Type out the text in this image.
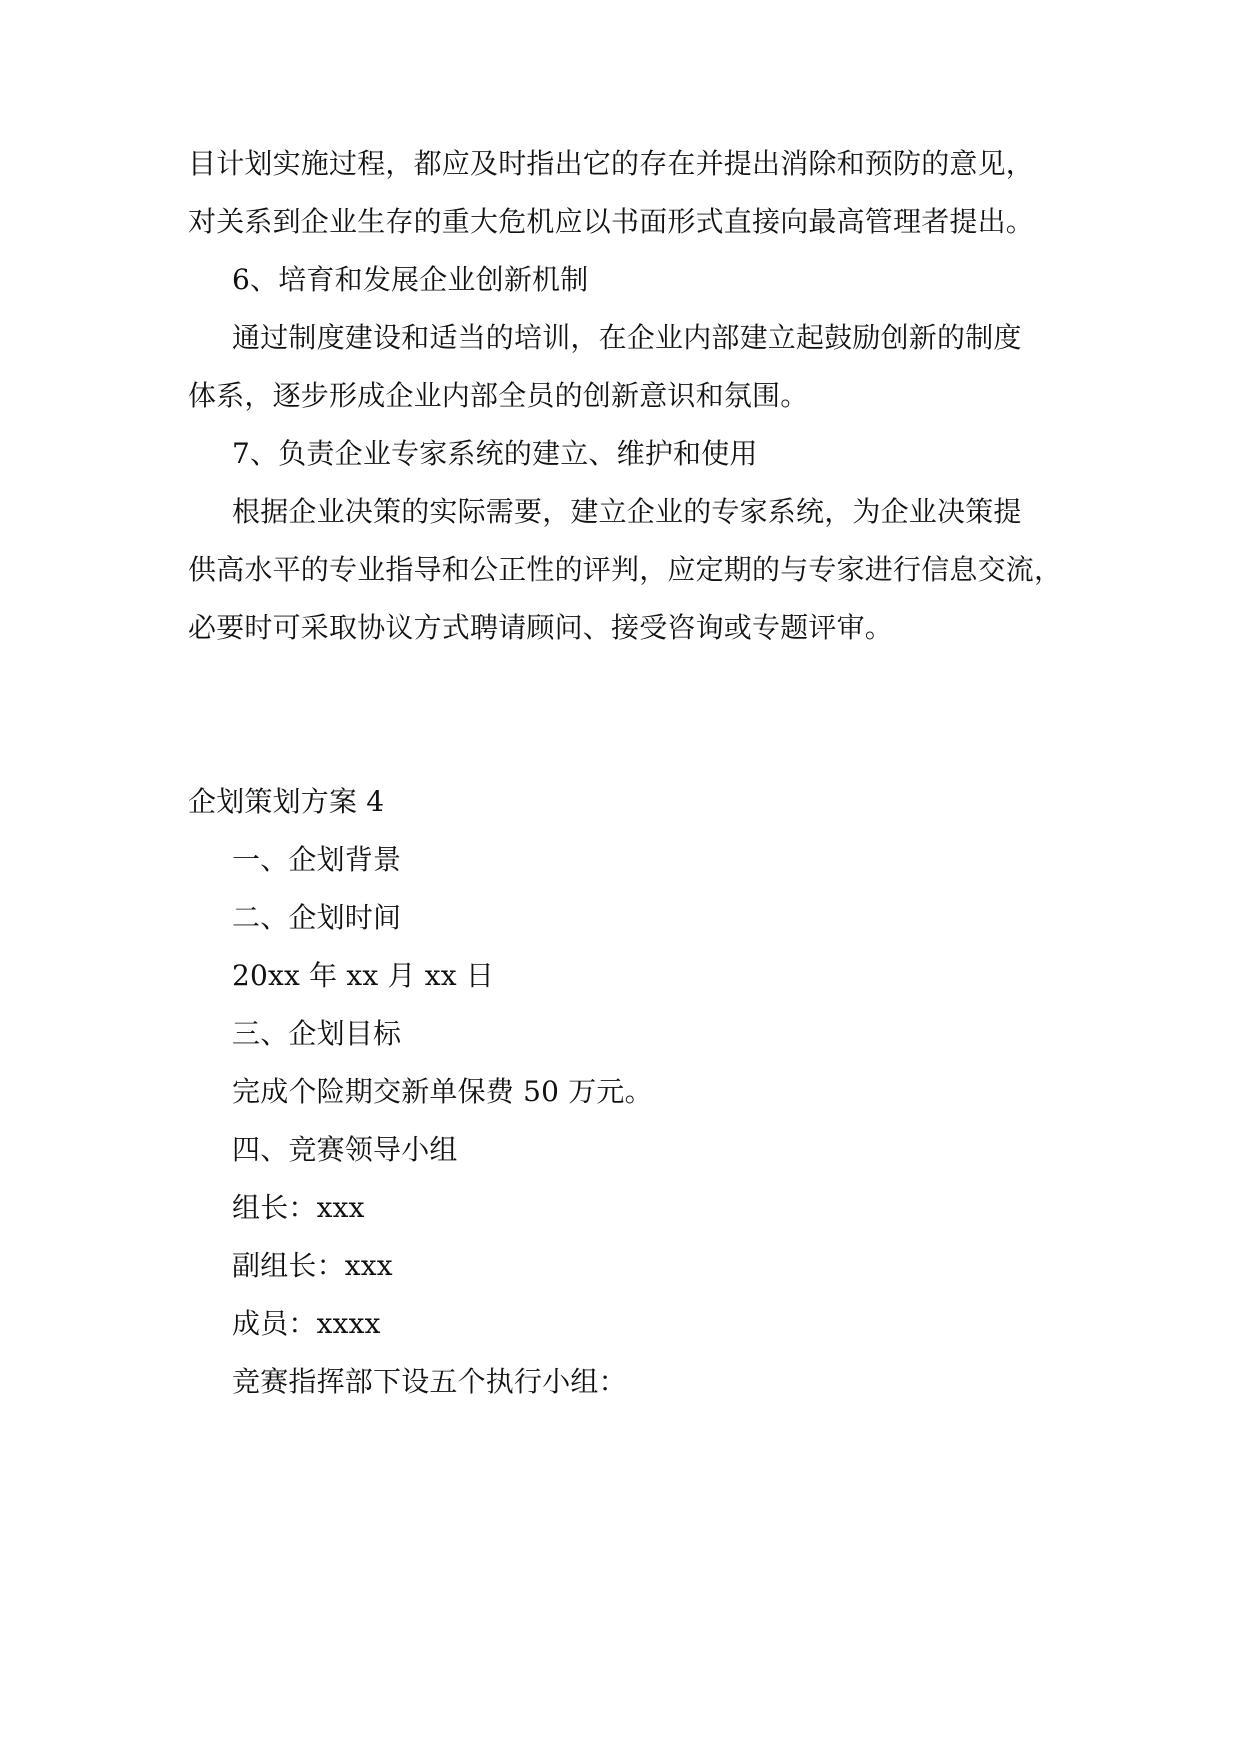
目计划实施过程，都应及时指出它的存在并提出消除和预防的意见，
对关系到企业生存的重大危机应以书面形式直接向最高管理者提出。
6、培育和发展企业创新机制
通过制度建设和适当的培训，在企业内部建立起鼓励创新的制度
体系，逐步形成企业内部全员的创新意识和氛围。
7、负责企业专家系统的建立、维护和使用
根据企业决策的实际需要，建立企业的专家系统，为企业决策提
供高水平的专业指导和公正性的评判，应定期的与专家进行信息交流，
必要时可采取协议方式聘请顾问、接受咨询或专题评审。
企划策划方案 4
一、企划背景
二、企划时间
20xx 年 xx 月 xx 日
三、企划目标
完成个险期交新单保费 50 万元。
四、竞赛领导小组
组长：xxx
副组长：xxx
成员：xxxx
竞赛指挥部下设五个执行小组：
